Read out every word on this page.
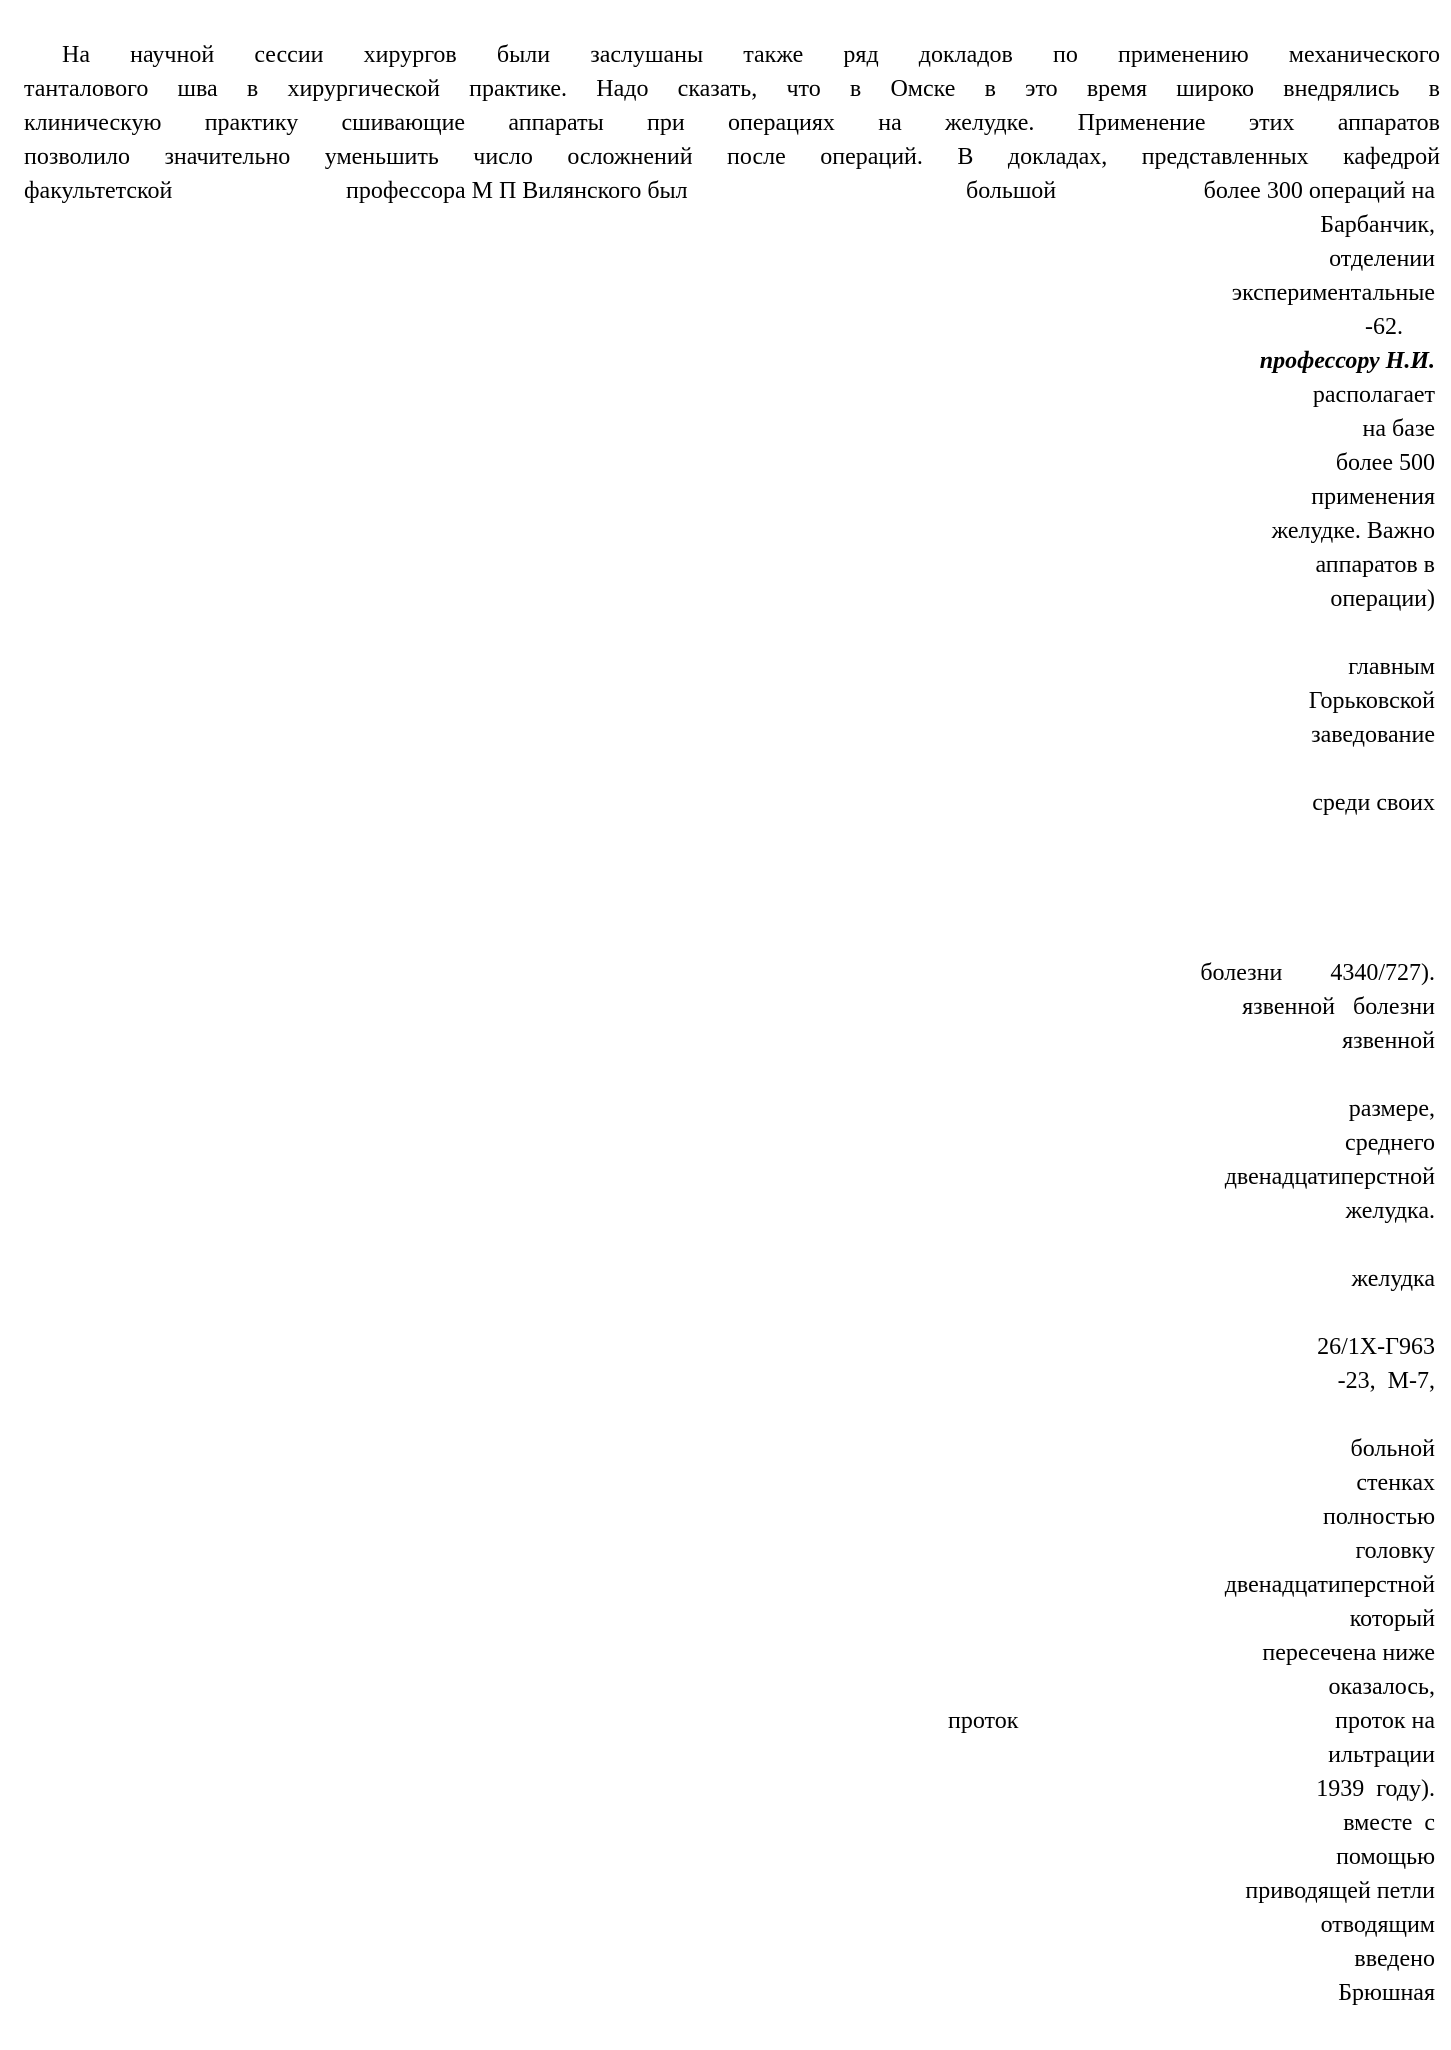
На научной сессии хирургов были заслушаны также ряд докладов по применению механического
танталового шва в хирургической практике. Надо сказать, что в Омске в это время широко внедрялись в
клиническую практику сшивающие аппараты при операциях на желудке. Применение этих аппаратов
позволило значительно уменьшить число осложнений после операций. В докладах, представленных кафедрой
факультетской	профессора М П Вилянского был	большой	более 300 операций на
Барбанчик,
отделении
экспериментальные
-62.
профессору Н.И.
располагает
на базе
более 500
применения
желудке. Важно
аппаратов в
операции)
главным
Горьковской
заведование
среди своих
болезни        4340/727).
язвенной   болезни
язвенной
размере,
среднего
двенадцатиперстной
желудка.
желудка
26/1Х-Г963
-23,  М-7,
больной
стенках
полностью
головку
двенадцатиперстной
который
пересечена ниже
оказалось,
проток	проток на
ильтрации
1939  году).
вместе  с
помощью
приводящей петли
отводящим
введено
Брюшная
